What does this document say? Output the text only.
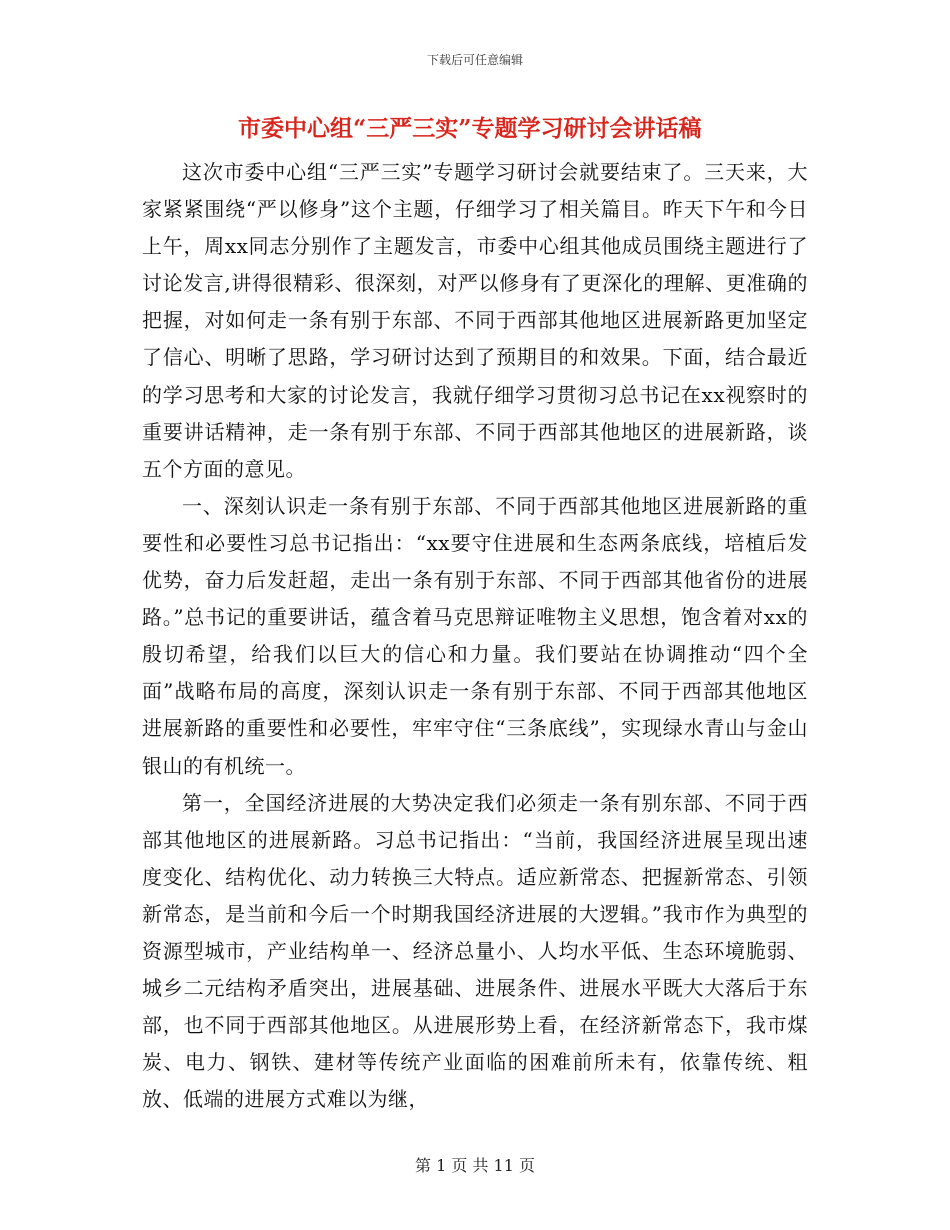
下载后可任意编辑
市委中心组“三严三实”专题学习研讨会讲话稿

这次市委中心组“三严三实”专题学习研讨会就要结束了。三天来，大家紧紧围绕“严以修身”这个主题，仔细学习了相关篇目。昨天下午和今日上午，周xx同志分别作了主题发言，市委中心组其他成员围绕主题进行了讨论发言,讲得很精彩、很深刻，对严以修身有了更深化的理解、更准确的把握，对如何走一条有别于东部、不同于西部其他地区进展新路更加坚定了信心、明晰了思路，学习研讨达到了预期目的和效果。下面，结合最近的学习思考和大家的讨论发言，我就仔细学习贯彻习总书记在xx视察时的重要讲话精神，走一条有别于东部、不同于西部其他地区的进展新路，谈五个方面的意见。

一、深刻认识走一条有别于东部、不同于西部其他地区进展新路的重要性和必要性习总书记指出：“xx要守住进展和生态两条底线，培植后发优势，奋力后发赶超，走出一条有别于东部、不同于西部其他省份的进展路。”总书记的重要讲话，蕴含着马克思辩证唯物主义思想，饱含着对xx的殷切希望，给我们以巨大的信心和力量。我们要站在协调推动“四个全面”战略布局的高度，深刻认识走一条有别于东部、不同于西部其他地区进展新路的重要性和必要性，牢牢守住“三条底线”，实现绿水青山与金山银山的有机统一。

第一，全国经济进展的大势决定我们必须走一条有别东部、不同于西部其他地区的进展新路。习总书记指出：“当前，我国经济进展呈现出速度变化、结构优化、动力转换三大特点。适应新常态、把握新常态、引领新常态，是当前和今后一个时期我国经济进展的大逻辑。”我市作为典型的资源型城市，产业结构单一、经济总量小、人均水平低、生态环境脆弱、城乡二元结构矛盾突出，进展基础、进展条件、进展水平既大大落后于东部，也不同于西部其他地区。从进展形势上看，在经济新常态下，我市煤炭、电力、钢铁、建材等传统产业面临的困难前所未有，依靠传统、粗放、低端的进展方式难以为继，

第 1 页 共 11 页
